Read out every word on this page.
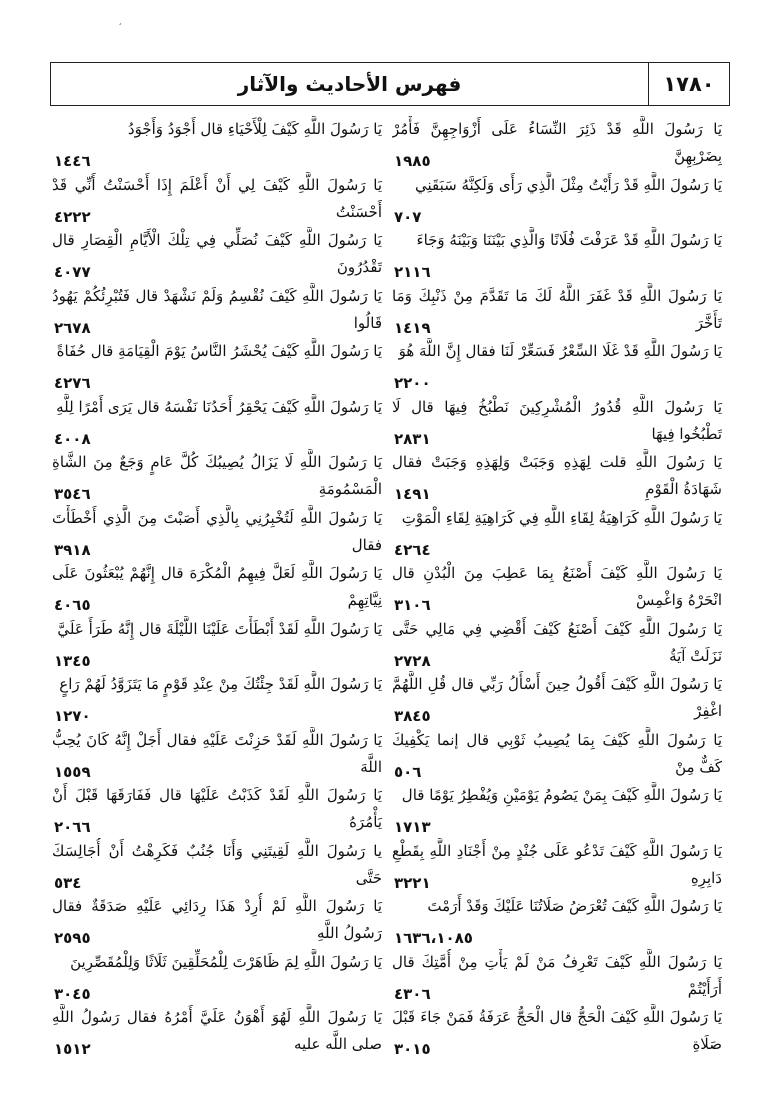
¸
فهرس الأحاديث والآثار	١٧٨٠
يَا رَسُولَ اللَّهِ قَدْ ذَئِرَ النِّسَاءُ عَلَى أَزْوَاجِهِنَّ فَأْمُرْ بِضَرْبِهِنَّ
١٩٨٥
يَا رَسُولَ اللَّهِ قَدْ رَأَيْتُ مِثْلَ الَّذِي رَأَى وَلَكِنَّهُ سَبَقَنِي
٧٠٧
يَا رَسُولَ اللَّهِ قَدْ عَرَفْتَ فُلَانًا وَالَّذِي بَيْنَنَا وَبَيْنَهُ وَجَاءَ
٢١١٦
يَا رَسُولَ اللَّهِ قَدْ غَفَرَ اللَّهُ لَكَ مَا تَقَدَّمَ مِنْ ذَنْبِكَ وَمَا تَأَخَّرَ
١٤١٩
يَا رَسُولَ اللَّهِ قَدْ غَلَا السِّعْرُ فَسَعِّرْ لَنَا فقال إِنَّ اللَّهَ هُوَ
٢٢٠٠
يَا رَسُولَ اللَّهِ قُدُورُ الْمُشْرِكِينَ نَطْبُخُ فِيهَا قال لَا تَطْبُخُوا فِيهَا
٢٨٣١
يَا رَسُولَ اللَّهِ قلت لِهَذِهِ وَجَبَتْ وَلِهَذِهِ وَجَبَتْ فقال شَهَادَةُ الْقَوْمِ
١٤٩١
يَا رَسُولَ اللَّهِ كَرَاهِيَةُ لِقَاءِ اللَّهِ فِي كَرَاهِيَةِ لِقَاءِ الْمَوْتِ
٤٢٦٤
يَا رَسُولَ اللَّهِ كَيْفَ أَصْنَعُ بِمَا عَطِبَ مِنَ الْبُدْنِ قال انْحَرْهُ وَاغْمِسْ
٣١٠٦
يَا رَسُولَ اللَّهِ كَيْفَ أَصْنَعُ كَيْفَ أَقْضِي فِي مَالِي حَتَّى نَزَلَتْ آيَةُ
٢٧٢٨
يَا رَسُولَ اللَّهِ كَيْفَ أَقُولُ حِينَ أَسْأَلُ رَبِّي قال قُلِ اللَّهُمَّ اغْفِرْ
٣٨٤٥
يَا رَسُولَ اللَّهِ كَيْفَ بِمَا يُصِيبُ ثَوْبِي قال إنما يَكْفِيكَ كَفٌّ مِنْ
٥٠٦
يَا رَسُولَ اللَّهِ كَيْفَ بِمَنْ يَصُومُ يَوْمَيْنِ وَيُفْطِرُ يَوْمًا قال
١٧١٣
يَا رَسُولَ اللَّهِ كَيْفَ تَدْعُو عَلَى جُنْدٍ مِنْ أَجْنَادِ اللَّهِ بِقَطْعِ دَابِرِهِ
٣٢٢١
يَا رَسُولَ اللَّهِ كَيْفَ تُعْرَضُ صَلَاتُنَا عَلَيْكَ وَقَدْ أَرَمْتَ
١٦٣٦،١٠٨٥
يَا رَسُولَ اللَّهِ كَيْفَ تَعْرِفُ مَنْ لَمْ يَأْتِ مِنْ أُمَّتِكَ قال أَرَأَيْتُمْ
٤٣٠٦
يَا رَسُولَ اللَّهِ كَيْفَ الْحَجُّ قال الْحَجُّ عَرَفَةُ فَمَنْ جَاءَ قَبْلَ صَلَاةِ
٣٠١٥
يَا رَسُولَ اللَّهِ كَيْفَ لِلْأَحْيَاءِ قال أَجْوَدُ وَأَجْوَدُ
١٤٤٦
يَا رَسُولَ اللَّهِ كَيْفَ لِي أَنْ أَعْلَمَ إِذَا أَحْسَنْتُ أَنِّي قَدْ أَحْسَنْتُ
٤٢٢٢
يَا رَسُولَ اللَّهِ كَيْفَ نُصَلِّي فِي تِلْكَ الْأَيَّامِ الْقِصَارِ قال تَقْدُرُونَ
٤٠٧٧
يَا رَسُولَ اللَّهِ كَيْفَ نُقْسِمُ وَلَمْ نَشْهَدْ قال فَتُبْرِئُكُمْ يَهُودُ قَالُوا
٢٦٧٨
يَا رَسُولَ اللَّهِ كَيْفَ يُحْشَرُ النَّاسُ يَوْمَ الْقِيَامَةِ قال حُفَاةً
٤٢٧٦
يَا رَسُولَ اللَّهِ كَيْفَ يَحْقِرُ أَحَدُنَا نَفْسَهُ قال يَرَى أَمْرًا لِلَّهِ
٤٠٠٨
يَا رَسُولَ اللَّهِ لَا يَزَالُ يُصِيبُكَ كُلَّ عَامٍ وَجَعٌ مِنَ الشَّاةِ الْمَسْمُومَةِ
٣٥٤٦
يَا رَسُولَ اللَّهِ لَتُخْبِرُنِي بِالَّذِي أَصَبْتَ مِنَ الَّذِي أَخْطَأْتَ فقال
٣٩١٨
يَا رَسُولَ اللَّهِ لَعَلَّ فِيهِمُ الْمُكْرَهَ قال إِنَّهُمْ يُبْعَثُونَ عَلَى نِيَّاتِهِمْ
٤٠٦٥
يَا رَسُولَ اللَّهِ لَقَدْ أَبْطَأْتَ عَلَيْنَا اللَّيْلَةَ قال إِنَّهُ طَرَأَ عَلَيَّ
١٣٤٥
يَا رَسُولَ اللَّهِ لَقَدْ جِئْتُكَ مِنْ عِنْدِ قَوْمٍ مَا يَتَزَوَّدُ لَهُمْ رَاعٍ
١٢٧٠
يَا رَسُولَ اللَّهِ لَقَدْ حَزِنْتَ عَلَيْهِ فقال أَجَلْ إِنَّهُ كَانَ يُحِبُّ اللَّهَ
١٥٥٩
يَا رَسُولَ اللَّهِ لَقَدْ كَذَبْتُ عَلَيْهَا قال فَفَارَقَهَا قَبْلَ أَنْ يَأْمُرَهُ
٢٠٦٦
يا رَسُولَ اللَّهِ لَقِيتَنِي وَأَنَا جُنُبٌ فَكَرِهْتُ أَنْ أُجَالِسَكَ حَتَّى
٥٣٤
يَا رَسُولَ اللَّهِ لَمْ أُرِدْ هَذَا رِدَائِي عَلَيْهِ صَدَقَةٌ فقال رَسُولُ اللَّهِ
٢٥٩٥
يَا رَسُولَ اللَّهِ لِمَ ظَاهَرْتَ لِلْمُحَلِّقِينَ ثَلَاثًا وَلِلْمُقَصِّرِينَ
٣٠٤٥
يَا رَسُولَ اللَّهِ لَهُوَ أَهْوَنُ عَلَيَّ أَمْرُهُ فقال رَسُولُ اللَّهِ صلى اللَّه عليه
١٥١٢
